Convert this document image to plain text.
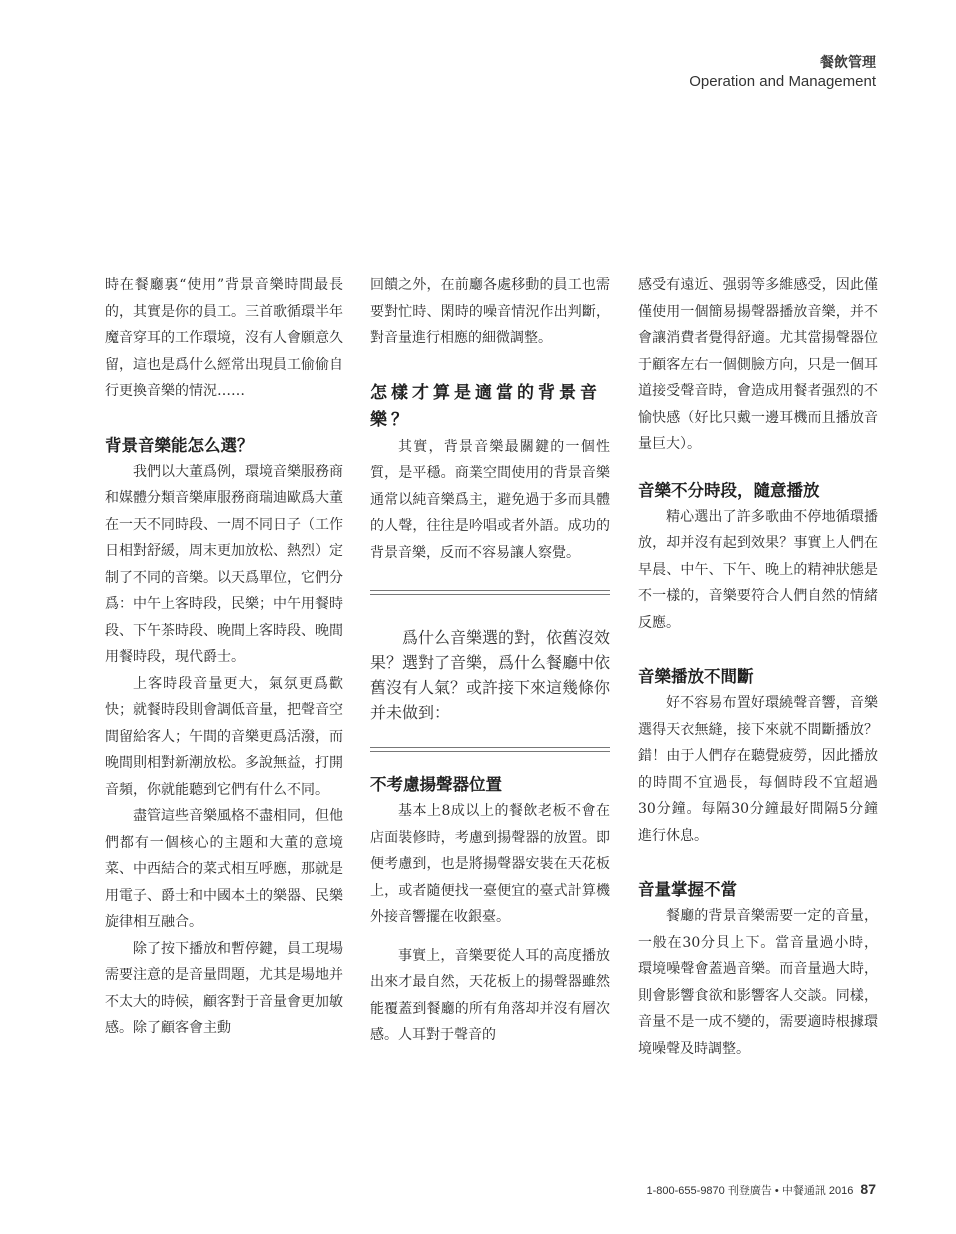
餐飲管理
Operation and Management

時在餐廳裏“使用”背景音樂時間最長的，其實是你的員工。三首歌循環半年魔音穿耳的工作環境，沒有人會願意久留，這也是爲什么經常出現員工偷偷自行更換音樂的情況……

背景音樂能怎么選？

我們以大董爲例，環境音樂服務商和媒體分類音樂庫服務商瑞迪歐爲大董在一天不同時段、一周不同日子（工作日相對舒緩，周末更加放松、熱烈）定制了不同的音樂。以天爲單位，它們分爲：中午上客時段，民樂；中午用餐時段、下午茶時段、晚間上客時段、晚間用餐時段，現代爵士。

上客時段音量更大，氣氛更爲歡快；就餐時段則會調低音量，把聲音空間留給客人；午間的音樂更爲活潑，而晚間則相對新潮放松。多說無益，打開音頻，你就能聽到它們有什么不同。

盡管這些音樂風格不盡相同，但他們都有一個核心的主題和大董的意境菜、中西結合的菜式相互呼應，那就是用電子、爵士和中國本土的樂器、民樂旋律相互融合。

除了按下播放和暫停鍵，員工現場需要注意的是音量問題，尤其是場地并不太大的時候，顧客對于音量會更加敏感。除了顧客會主動

回饋之外，在前廳各處移動的員工也需要對忙時、閑時的噪音情況作出判斷，對音量進行相應的細微調整。

怎樣才算是適當的背景音樂？

其實，背景音樂最關鍵的一個性質，是平穩。商業空間使用的背景音樂通常以純音樂爲主，避免過于多而具體的人聲，往往是吟唱或者外語。成功的背景音樂，反而不容易讓人察覺。

爲什么音樂選的對，依舊沒效果？選對了音樂，爲什么餐廳中依舊沒有人氣？或許接下來這幾條你并未做到：

不考慮揚聲器位置

基本上8成以上的餐飲老板不會在店面裝修時，考慮到揚聲器的放置。即便考慮到，也是將揚聲器安裝在天花板上，或者隨便找一臺便宜的臺式計算機外接音響擺在收銀臺。

事實上，音樂要從人耳的高度播放出來才最自然，天花板上的揚聲器雖然能覆蓋到餐廳的所有角落却并沒有層次感。人耳對于聲音的

感受有遠近、强弱等多維感受，因此僅僅使用一個簡易揚聲器播放音樂，并不會讓消費者覺得舒適。尤其當揚聲器位于顧客左右一個側臉方向，只是一個耳道接受聲音時，會造成用餐者强烈的不愉快感（好比只戴一邊耳機而且播放音量巨大）。

音樂不分時段，隨意播放

精心選出了許多歌曲不停地循環播放，却并沒有起到效果？事實上人們在早晨、中午、下午、晚上的精神狀態是不一樣的，音樂要符合人們自然的情緒反應。

音樂播放不間斷

好不容易布置好環繞聲音響，音樂選得天衣無縫，接下來就不間斷播放？錯！由于人們存在聽覺疲勞，因此播放的時間不宜過長，每個時段不宜超過30分鐘。每隔30分鐘最好間隔5分鐘進行休息。

音量掌握不當

餐廳的背景音樂需要一定的音量，一般在30分貝上下。當音量過小時，環境噪聲會蓋過音樂。而音量過大時，則會影響食欲和影響客人交談。同樣，音量不是一成不變的，需要適時根據環境噪聲及時調整。

1-800-655-9870 刊登廣告 • 中餐通訊 2016 87
